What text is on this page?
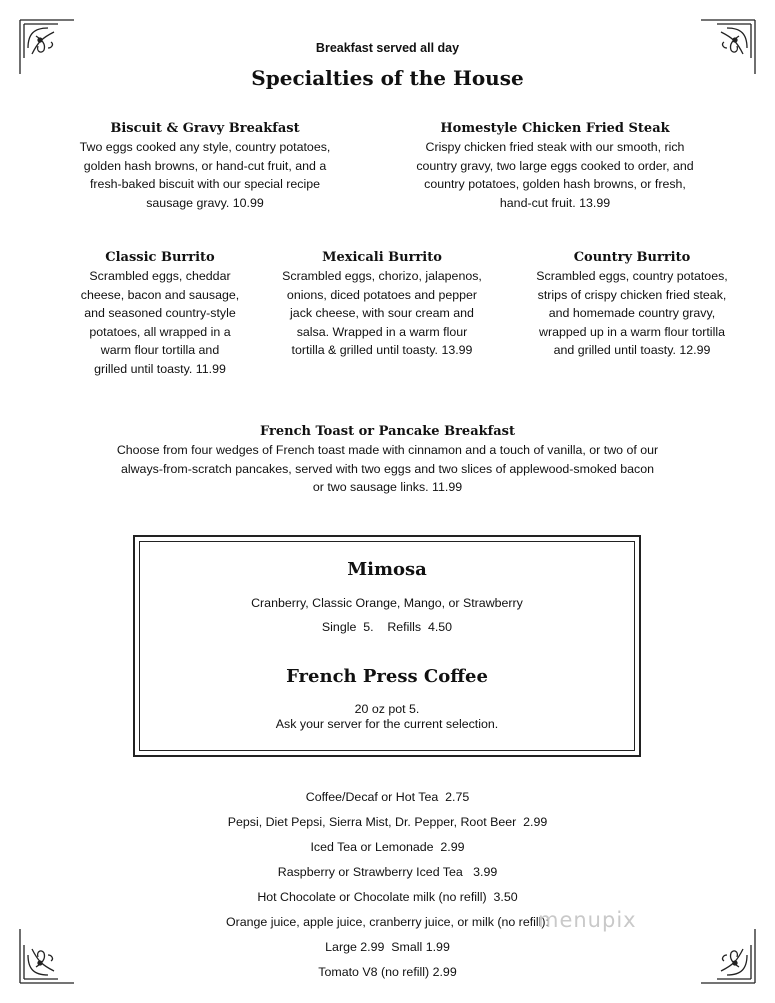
Breakfast served all day
Specialties of the House
Biscuit & Gravy Breakfast
Two eggs cooked any style, country potatoes,
golden hash browns, or hand-cut fruit, and a
fresh-baked biscuit with our special recipe
sausage gravy. 10.99
Homestyle Chicken Fried Steak
Crispy chicken fried steak with our smooth, rich
country gravy, two large eggs cooked to order, and
country potatoes, golden hash browns, or fresh,
hand-cut fruit. 13.99
Classic Burrito
Scrambled eggs, cheddar
cheese, bacon and sausage,
and seasoned country-style
potatoes, all wrapped in a
warm flour tortilla and
grilled until toasty. 11.99
Mexicali Burrito
Scrambled eggs, chorizo, jalapenos,
onions, diced potatoes and pepper
jack cheese, with sour cream and
salsa. Wrapped in a warm flour
tortilla & grilled until toasty. 13.99
Country Burrito
Scrambled eggs, country potatoes,
strips of crispy chicken fried steak,
and homemade country gravy,
wrapped up in a warm flour tortilla
and grilled until toasty. 12.99
French Toast or Pancake Breakfast
Choose from four wedges of French toast made with cinnamon and a touch of vanilla, or two of our
always-from-scratch pancakes, served with two eggs and two slices of applewood-smoked bacon
or two sausage links. 11.99
Mimosa
Cranberry, Classic Orange, Mango, or Strawberry
Single  5.    Refills  4.50
French Press Coffee
20 oz pot 5.
Ask your server for the current selection.
Coffee/Decaf or Hot Tea  2.75
Pepsi, Diet Pepsi, Sierra Mist, Dr. Pepper, Root Beer  2.99
Iced Tea or Lemonade  2.99
Raspberry or Strawberry Iced Tea   3.99
Hot Chocolate or Chocolate milk (no refill)  3.50
Orange juice, apple juice, cranberry juice, or milk (no refill):
Large 2.99  Small 1.99
Tomato V8 (no refill) 2.99
menupix
